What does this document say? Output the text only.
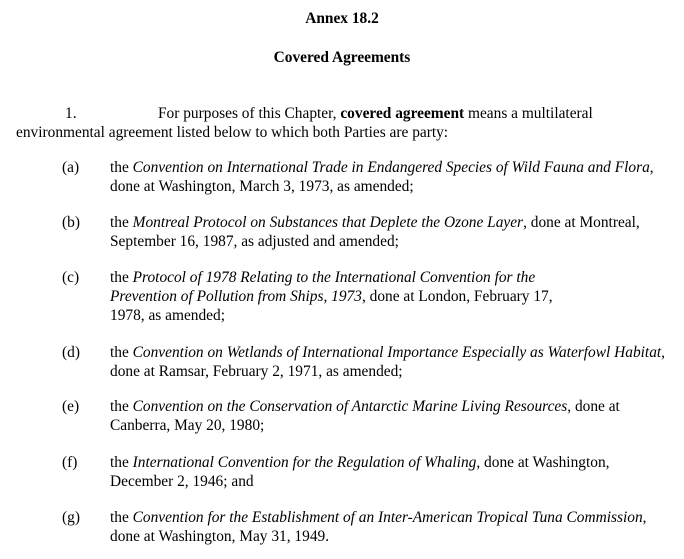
Annex 18.2
Covered Agreements

1.	For purposes of this Chapter, covered agreement means a multilateral environmental agreement listed below to which both Parties are party:

(a) the Convention on International Trade in Endangered Species of Wild Fauna and Flora, done at Washington, March 3, 1973, as amended;
(b) the Montreal Protocol on Substances that Deplete the Ozone Layer, done at Montreal, September 16, 1987, as adjusted and amended;
(c) the Protocol of 1978 Relating to the International Convention for the Prevention of Pollution from Ships, 1973, done at London, February 17, 1978, as amended;
(d) the Convention on Wetlands of International Importance Especially as Waterfowl Habitat, done at Ramsar, February 2, 1971, as amended;
(e) the Convention on the Conservation of Antarctic Marine Living Resources, done at Canberra, May 20, 1980;
(f) the International Convention for the Regulation of Whaling, done at Washington, December 2, 1946; and
(g) the Convention for the Establishment of an Inter-American Tropical Tuna Commission, done at Washington, May 31, 1949.
